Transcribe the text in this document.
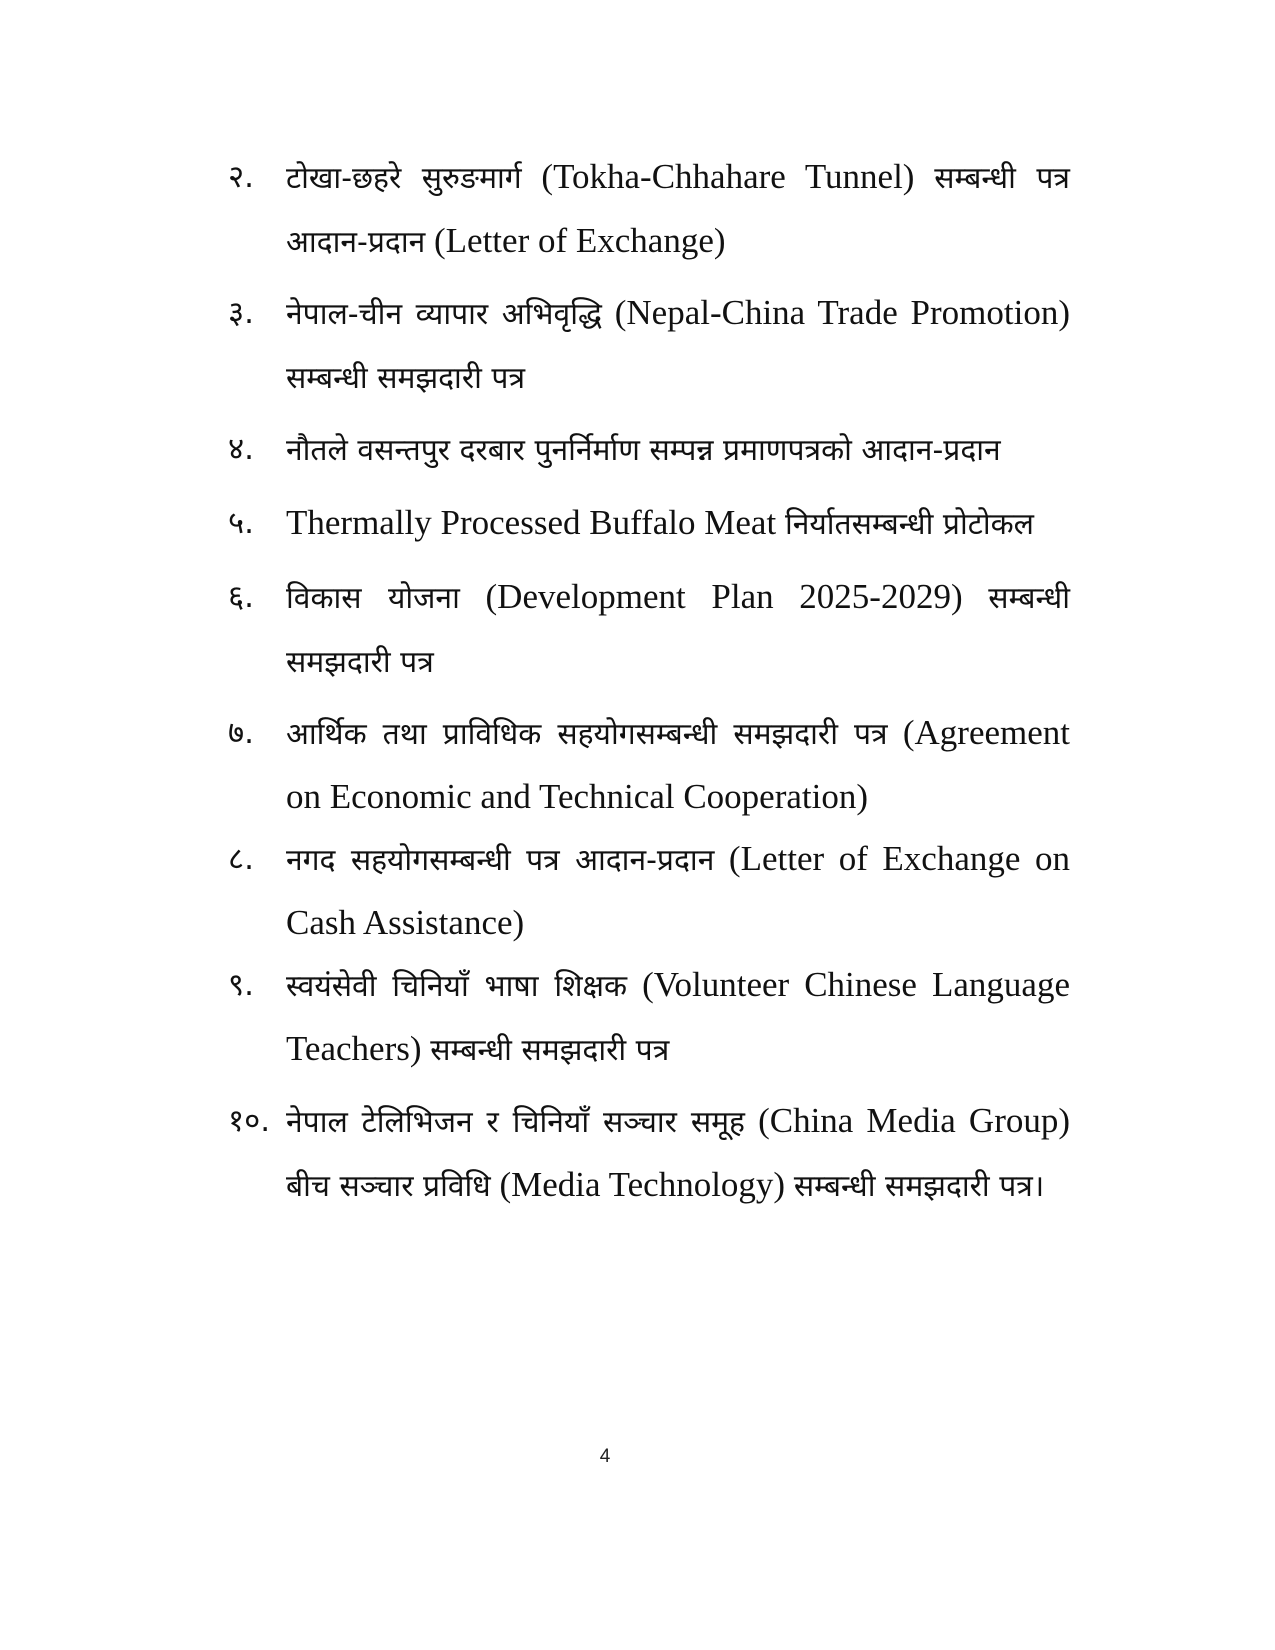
२. टोखा-छहरे सुरुङमार्ग (Tokha-Chhahare Tunnel) सम्बन्धी पत्र आदान-प्रदान (Letter of Exchange)
३. नेपाल-चीन व्यापार अभिवृद्धि (Nepal-China Trade Promotion) सम्बन्धी समझदारी पत्र
४. नौतले वसन्तपुर दरबार पुनर्निर्माण सम्पन्न प्रमाणपत्रको आदान-प्रदान
५. Thermally Processed Buffalo Meat निर्यातसम्बन्धी प्रोटोकल
६. विकास योजना (Development Plan 2025-2029) सम्बन्धी समझदारी पत्र
७. आर्थिक तथा प्राविधिक सहयोगसम्बन्धी समझदारी पत्र (Agreement on Economic and Technical Cooperation)
८. नगद सहयोगसम्बन्धी पत्र आदान-प्रदान (Letter of Exchange on Cash Assistance)
९. स्वयंसेवी चिनियाँ भाषा शिक्षक (Volunteer Chinese Language Teachers) सम्बन्धी समझदारी पत्र
१०. नेपाल टेलिभिजन र चिनियाँ सञ्चार समूह (China Media Group) बीच सञ्चार प्रविधि (Media Technology) सम्बन्धी समझदारी पत्र।
4
